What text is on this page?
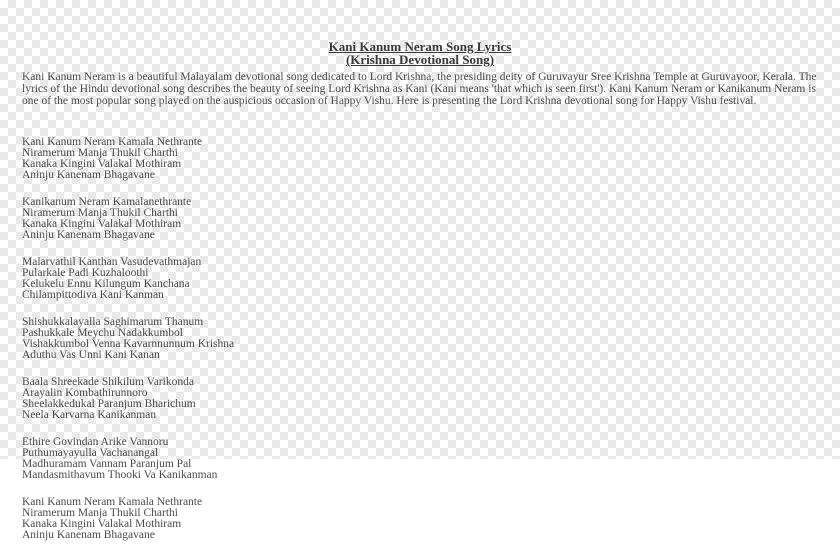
Kani Kanum Neram Song Lyrics
(Krishna Devotional Song)

Kani Kanum Neram is a beautiful Malayalam devotional song dedicated to Lord Krishna, the presiding deity of Guruvayur Sree Krishna Temple at Guruvayoor, Kerala. The lyrics of the Hindu devotional song describes the beauty of seeing Lord Krishna as Kani (Kani means 'that which is seen first'). Kani Kanum Neram or Kanikanum Neram is one of the most popular song played on the auspicious occasion of Happy Vishu. Here is presenting the Lord Krishna devotional song for Happy Vishu festival.

Kani Kanum Neram Kamala Nethrante
Niramerum Manja Thukil Charthi
Kanaka Kingini Valakal Mothiram
Aninju Kanenam Bhagavane
Kanikanum Neram Kamalanethrante
Niramerum Manja Thukil Charthi
Kanaka Kingini Valakal Mothiram
Aninju Kanenam Bhagavane
Malarvathil Kanthan Vasudevathmajan
Pularkale Padi Kuzhaloothi
Kelukelu Ennu Kilungum Kanchana
Chilampittodiva Kani Kanman
Shishukkalayalla Saghimarum Thanum
Pashukkale Meychu Nadakkumbol
Vishakkumbol Venna Kavarnnunnum Krishna
Aduthu Vas Unni Kani Kanan
Baala Shreekade Shikilum Varikonda
Arayalin Kombathirunnoro
Sheelakkedukal Paranjum Bharichum
Neela Karvarna Kanikanman
Ethire Govindan Arike Vannoru
Puthumayayulla Vachanangal
Madhuramam Vannam Paranjum Pal
Mandasmithavum Thooki Va Kanikanman
Kani Kanum Neram Kamala Nethrante
Niramerum Manja Thukil Charthi
Kanaka Kingini Valakal Mothiram
Aninju Kanenam Bhagavane
